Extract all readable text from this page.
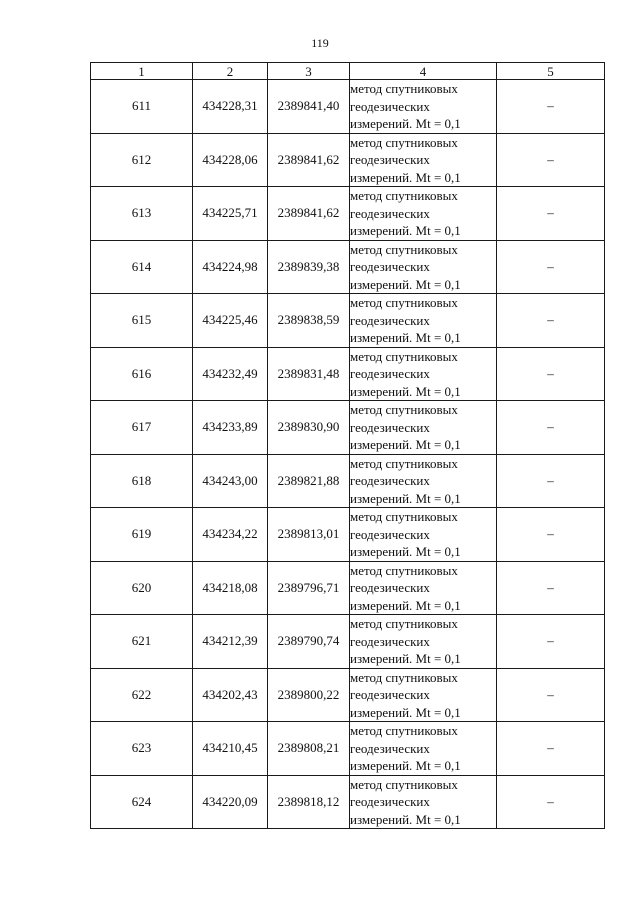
119
1	2	3	4	5
611	434228,31	2389841,40	метод спутниковых
геодезических
измерений. Mt = 0,1	–
612	434228,06	2389841,62	метод спутниковых
геодезических
измерений. Mt = 0,1	–
613	434225,71	2389841,62	метод спутниковых
геодезических
измерений. Mt = 0,1	–
614	434224,98	2389839,38	метод спутниковых
геодезических
измерений. Mt = 0,1	–
615	434225,46	2389838,59	метод спутниковых
геодезических
измерений. Mt = 0,1	–
616	434232,49	2389831,48	метод спутниковых
геодезических
измерений. Mt = 0,1	–
617	434233,89	2389830,90	метод спутниковых
геодезических
измерений. Mt = 0,1	–
618	434243,00	2389821,88	метод спутниковых
геодезических
измерений. Mt = 0,1	–
619	434234,22	2389813,01	метод спутниковых
геодезических
измерений. Mt = 0,1	–
620	434218,08	2389796,71	метод спутниковых
геодезических
измерений. Mt = 0,1	–
621	434212,39	2389790,74	метод спутниковых
геодезических
измерений. Mt = 0,1	–
622	434202,43	2389800,22	метод спутниковых
геодезических
измерений. Mt = 0,1	–
623	434210,45	2389808,21	метод спутниковых
геодезических
измерений. Mt = 0,1	–
624	434220,09	2389818,12	метод спутниковых
геодезических
измерений. Mt = 0,1	–
